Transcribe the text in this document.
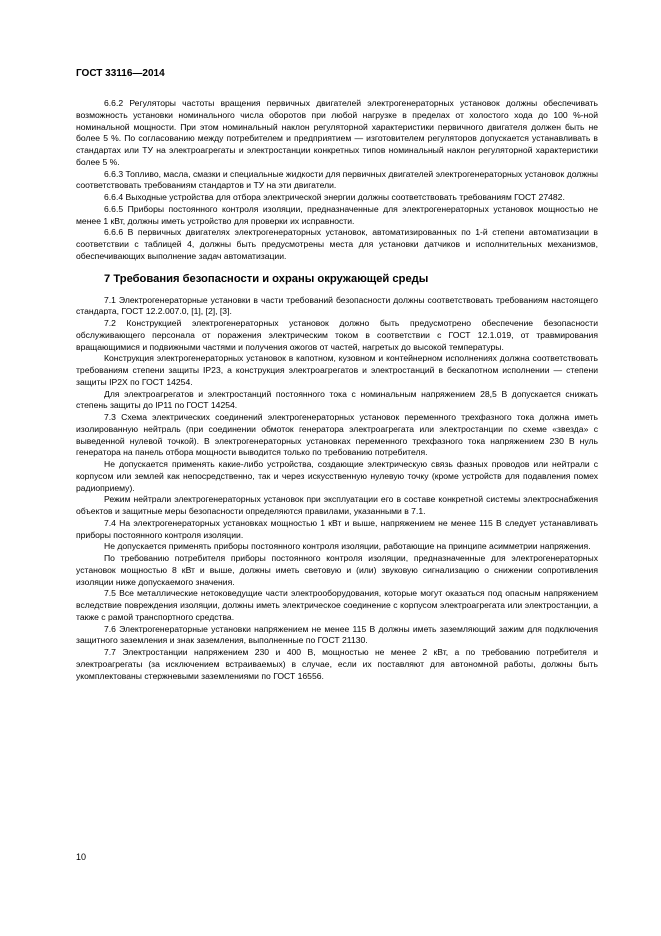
ГОСТ 33116—2014

6.6.2 Регуляторы частоты вращения первичных двигателей электрогенераторных установок должны обеспечивать возможность установки номинального числа оборотов при любой нагрузке в пределах от холостого хода до 100 %-ной номинальной мощности. При этом номинальный наклон регуляторной характеристики первичного двигателя должен быть не более 5 %. По согласованию между потребителем и предприятием — изготовителем регуляторов допускается устанавливать в стандартах или ТУ на электроагрегаты и электростанции конкретных типов номинальный наклон регуляторной характеристики более 5 %.

6.6.3 Топливо, масла, смазки и специальные жидкости для первичных двигателей электрогенераторных установок должны соответствовать требованиям стандартов и ТУ на эти двигатели.

6.6.4 Выходные устройства для отбора электрической энергии должны соответствовать требованиям ГОСТ 27482.

6.6.5 Приборы постоянного контроля изоляции, предназначенные для электрогенераторных установок мощностью не менее 1 кВт, должны иметь устройство для проверки их исправности.

6.6.6 В первичных двигателях электрогенераторных установок, автоматизированных по 1-й степени автоматизации в соответствии с таблицей 4, должны быть предусмотрены места для установки датчиков и исполнительных механизмов, обеспечивающих выполнение задач автоматизации.

7 Требования безопасности и охраны окружающей среды

7.1 Электрогенераторные установки в части требований безопасности должны соответствовать требованиям настоящего стандарта, ГОСТ 12.2.007.0, [1], [2], [3].

7.2 Конструкцией электрогенераторных установок должно быть предусмотрено обеспечение безопасности обслуживающего персонала от поражения электрическим током в соответствии с ГОСТ 12.1.019, от травмирования вращающимися и подвижными частями и получения ожогов от частей, нагретых до высокой температуры.

Конструкция электрогенераторных установок в капотном, кузовном и контейнерном исполнениях должна соответствовать требованиям степени защиты IP23, а конструкция электроагрегатов и электростанций в бескапотном исполнении — степени защиты IP2X по ГОСТ 14254.

Для электроагрегатов и электростанций постоянного тока с номинальным напряжением 28,5 В допускается снижать степень защиты до IP11 по ГОСТ 14254.

7.3 Схема электрических соединений электрогенераторных установок переменного трехфазного тока должна иметь изолированную нейтраль (при соединении обмоток генератора электроагрегата или электростанции по схеме «звезда» с выведенной нулевой точкой). В электрогенераторных установках переменного трехфазного тока напряжением 230 В нуль генератора на панель отбора мощности выводится только по требованию потребителя.

Не допускается применять какие-либо устройства, создающие электрическую связь фазных проводов или нейтрали с корпусом или землей как непосредственно, так и через искусственную нулевую точку (кроме устройств для подавления помех радиоприему).

Режим нейтрали электрогенераторных установок при эксплуатации его в составе конкретной системы электроснабжения объектов и защитные меры безопасности определяются правилами, указанными в 7.1.

7.4 На электрогенераторных установках мощностью 1 кВт и выше, напряжением не менее 115 В следует устанавливать приборы постоянного контроля изоляции.

Не допускается применять приборы постоянного контроля изоляции, работающие на принципе асимметрии напряжения.

По требованию потребителя приборы постоянного контроля изоляции, предназначенные для электрогенераторных установок мощностью 8 кВт и выше, должны иметь световую и (или) звуковую сигнализацию о снижении сопротивления изоляции ниже допускаемого значения.

7.5 Все металлические нетоковедущие части электрооборудования, которые могут оказаться под опасным напряжением вследствие повреждения изоляции, должны иметь электрическое соединение с корпусом электроагрегата или электростанции, а также с рамой транспортного средства.

7.6 Электрогенераторные установки напряжением не менее 115 В должны иметь заземляющий зажим для подключения защитного заземления и знак заземления, выполненные по ГОСТ 21130.

7.7 Электростанции напряжением 230 и 400 В, мощностью не менее 2 кВт, а по требованию потребителя и электроагрегаты (за исключением встраиваемых) в случае, если их поставляют для автономной работы, должны быть укомплектованы стержневыми заземлениями по ГОСТ 16556.

10
